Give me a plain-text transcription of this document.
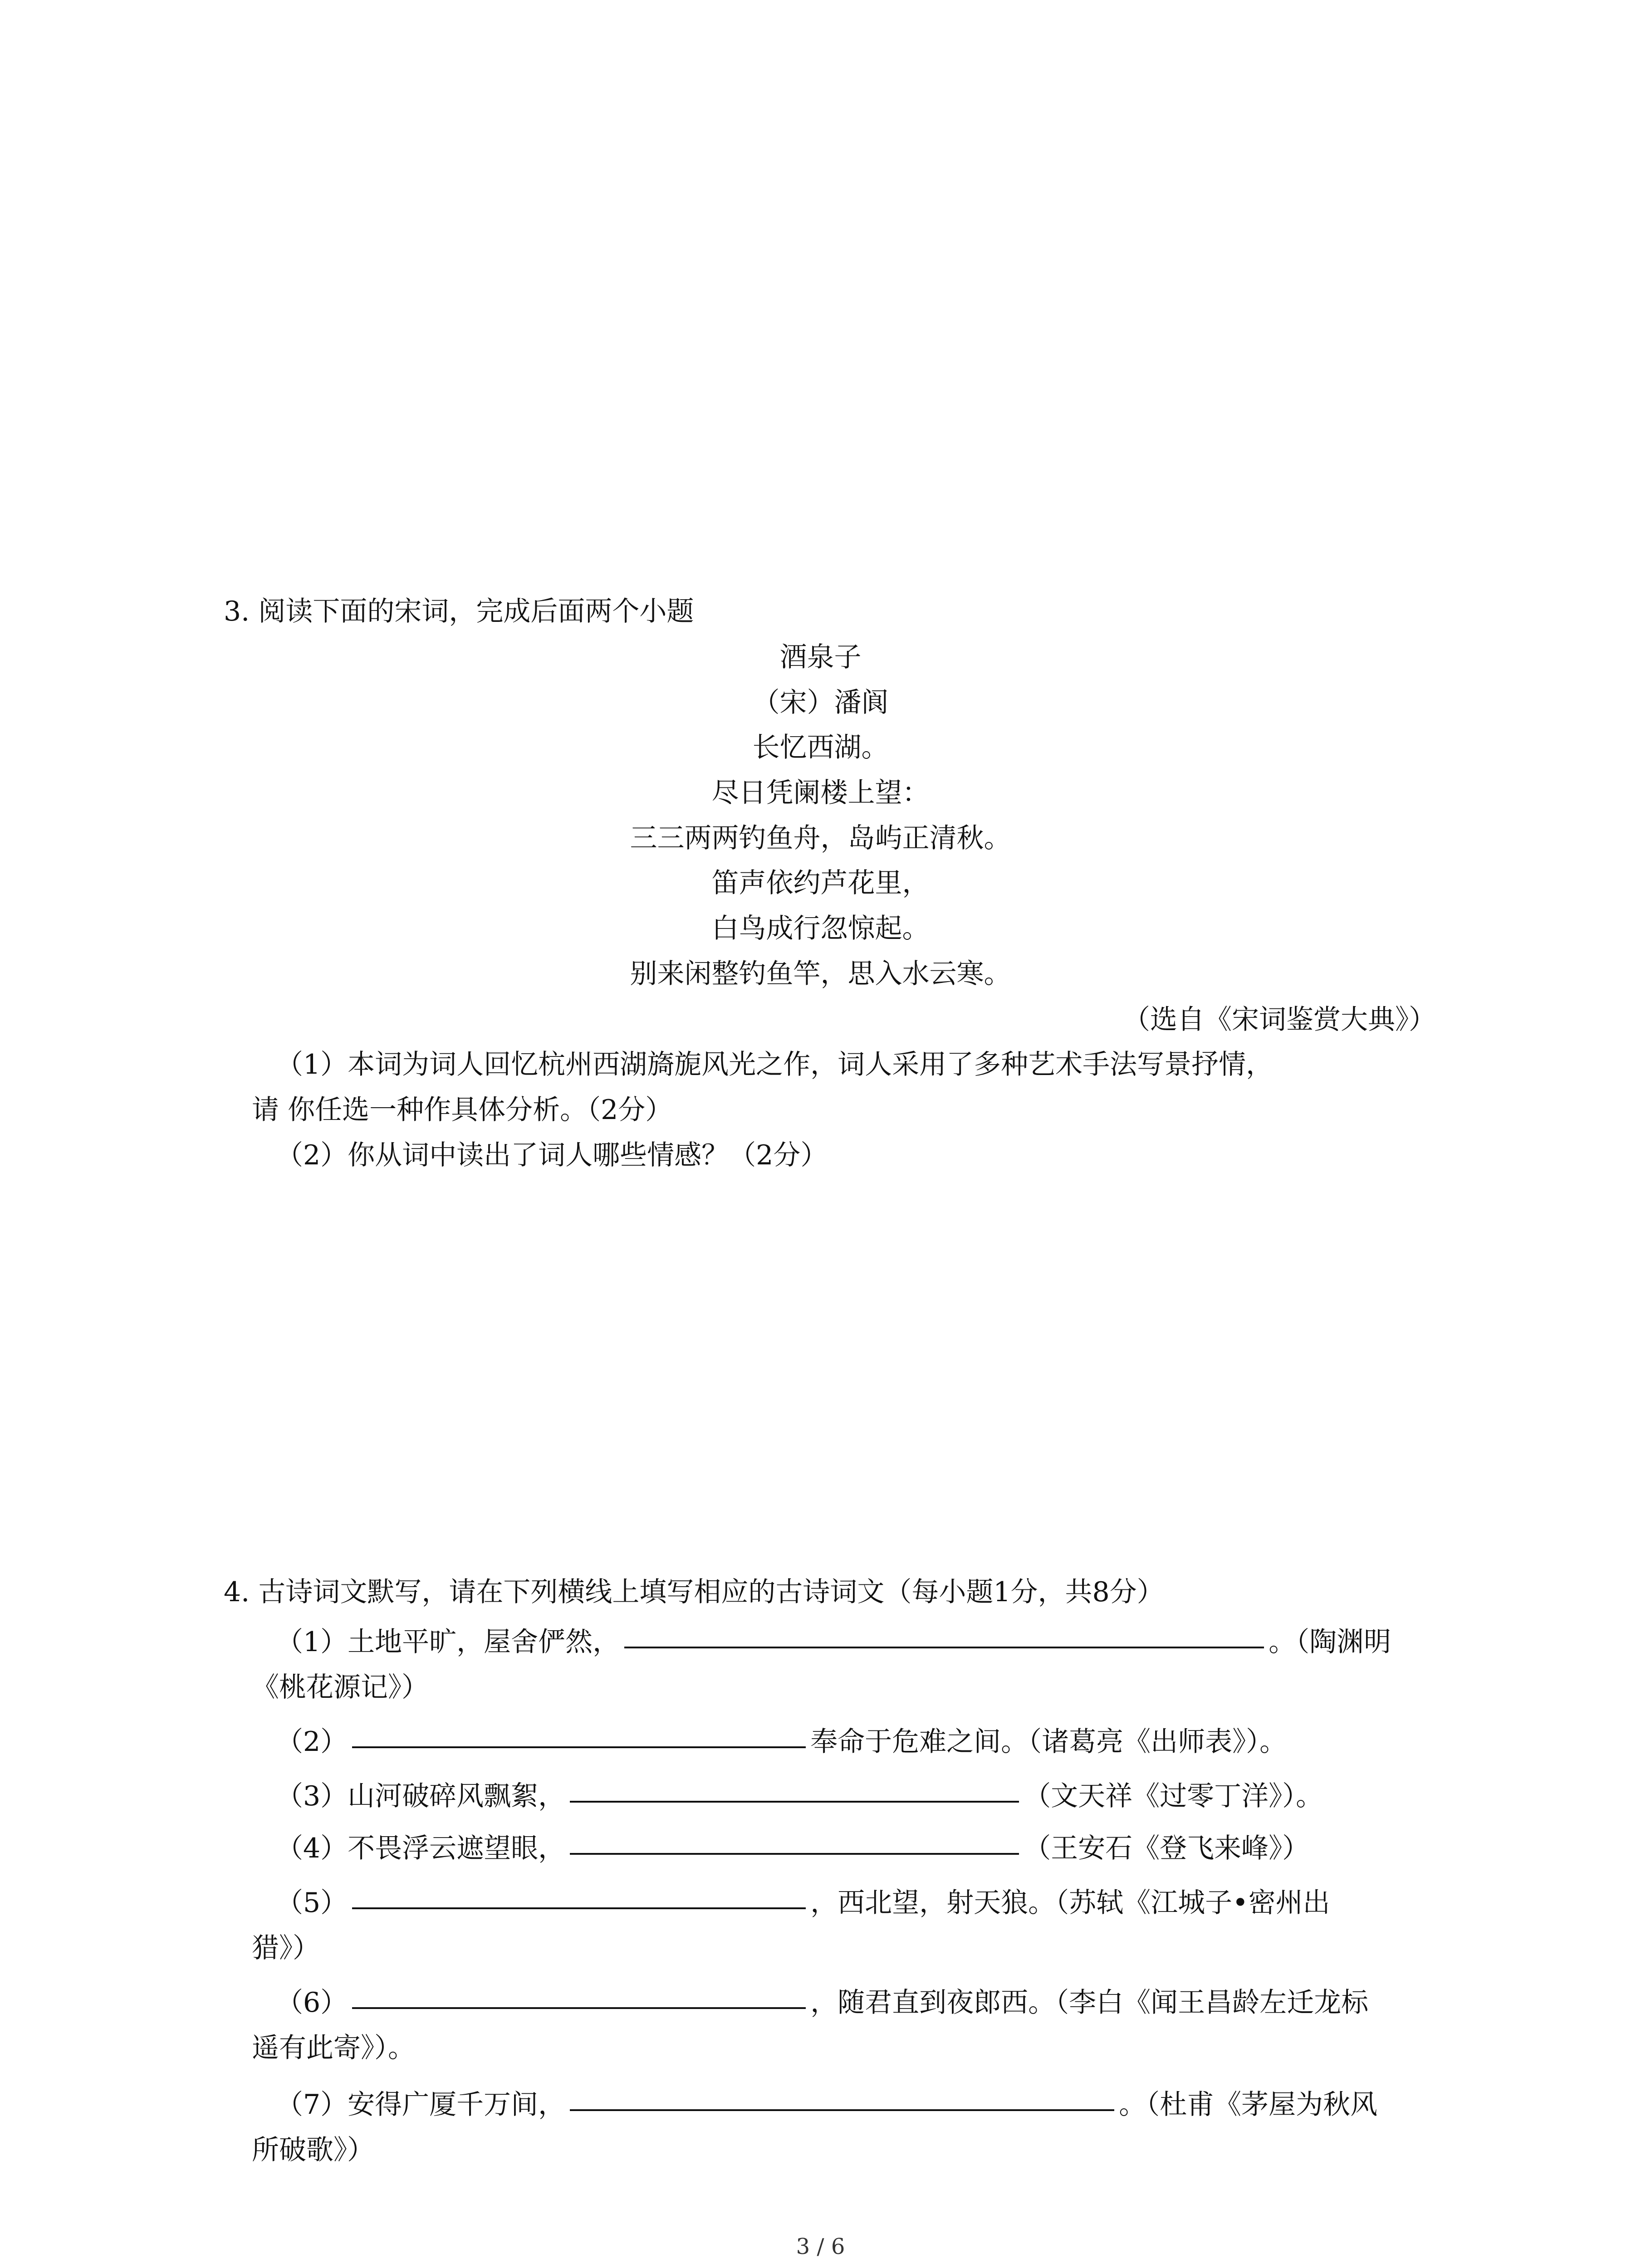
3. 阅读下面的宋词，完成后面两个小题
酒泉子
（宋）潘阆
长忆西湖。
尽日凭阑楼上望：
三三两两钓鱼舟，岛屿正清秋。
笛声依约芦花里，
白鸟成行忽惊起。
别来闲整钓鱼竿，思入水云寒。
（选自《宋词鉴赏大典》）
（1）本词为词人回忆杭州西湖旖旎风光之作，词人采用了多种艺术手法写景抒情，
请 你任选一种作具体分析。（2分）
（2）你从词中读出了词人哪些情感？（2分）
4. 古诗词文默写，请在下列横线上填写相应的古诗词文（每小题1分，共8分）
（1）土地平旷，屋舍俨然，	。（陶渊明
《桃花源记》）
（2）	奉命于危难之间。（诸葛亮《出师表》）。
（3）山河破碎风飘絮，	（文天祥《过零丁洋》）。
（4）不畏浮云遮望眼，	（王安石《登飞来峰》）
（5）	，西北望，射天狼。（苏轼《江城子•密州出
猎》）
（6）	，随君直到夜郎西。（李白《闻王昌龄左迁龙标
遥有此寄》）。
（7）安得广厦千万间，	。（杜甫《茅屋为秋风
所破歌》）
3 / 6
